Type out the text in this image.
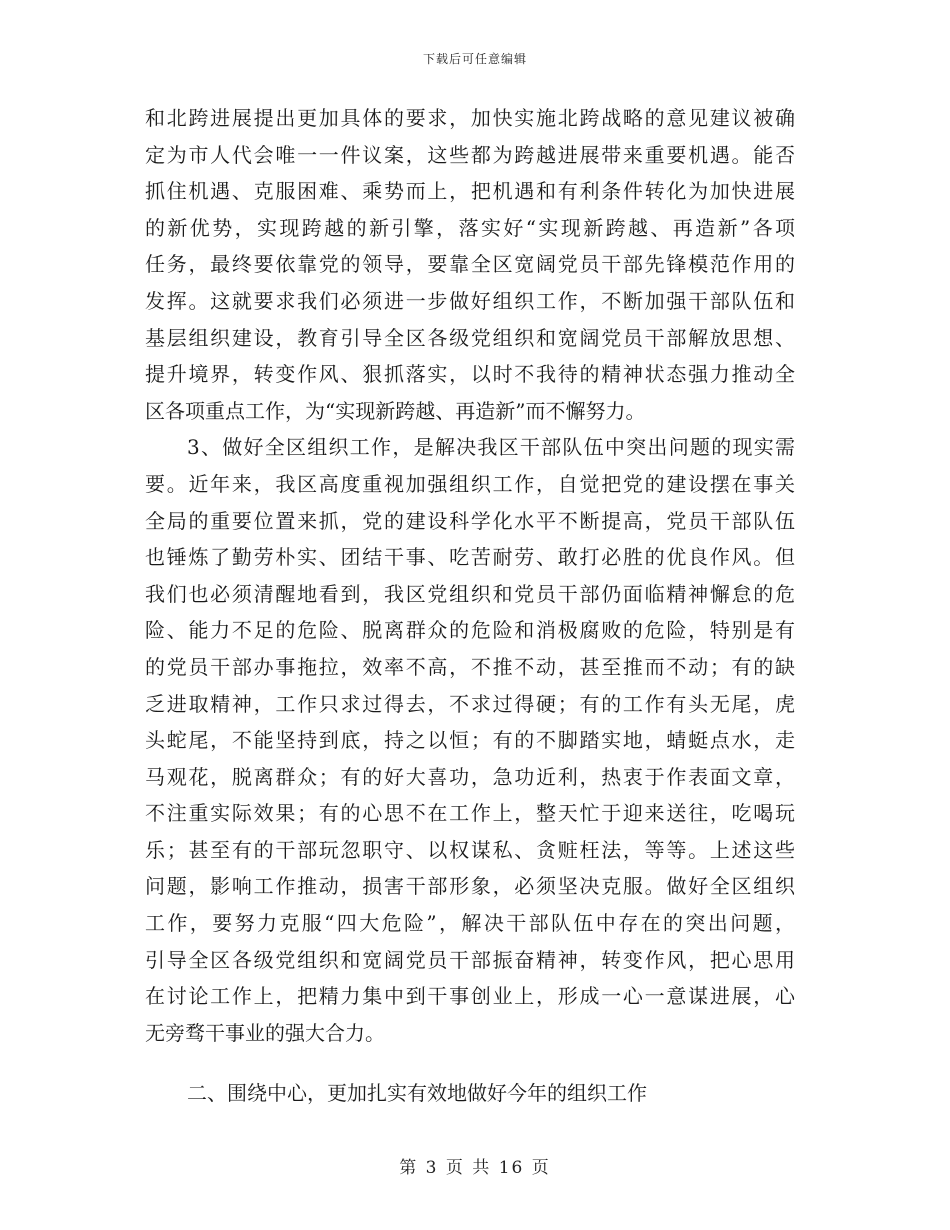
下载后可任意编辑
和北跨进展提出更加具体的要求，加快实施北跨战略的意见建议被确
定为市人代会唯一一件议案，这些都为跨越进展带来重要机遇。能否
抓住机遇、克服困难、乘势而上，把机遇和有利条件转化为加快进展
的新优势，实现跨越的新引擎，落实好“实现新跨越、再造新”各项
任务，最终要依靠党的领导，要靠全区宽阔党员干部先锋模范作用的
发挥。这就要求我们必须进一步做好组织工作，不断加强干部队伍和
基层组织建设，教育引导全区各级党组织和宽阔党员干部解放思想、
提升境界，转变作风、狠抓落实，以时不我待的精神状态强力推动全
区各项重点工作，为“实现新跨越、再造新”而不懈努力。
3、做好全区组织工作，是解决我区干部队伍中突出问题的现实需
要。近年来，我区高度重视加强组织工作，自觉把党的建设摆在事关
全局的重要位置来抓，党的建设科学化水平不断提高，党员干部队伍
也锤炼了勤劳朴实、团结干事、吃苦耐劳、敢打必胜的优良作风。但
我们也必须清醒地看到，我区党组织和党员干部仍面临精神懈怠的危
险、能力不足的危险、脱离群众的危险和消极腐败的危险，特别是有
的党员干部办事拖拉，效率不高，不推不动，甚至推而不动；有的缺
乏进取精神，工作只求过得去，不求过得硬；有的工作有头无尾，虎
头蛇尾，不能坚持到底，持之以恒；有的不脚踏实地，蜻蜓点水，走
马观花，脱离群众；有的好大喜功，急功近利，热衷于作表面文章，
不注重实际效果；有的心思不在工作上，整天忙于迎来送往，吃喝玩
乐；甚至有的干部玩忽职守、以权谋私、贪赃枉法，等等。上述这些
问题，影响工作推动，损害干部形象，必须坚决克服。做好全区组织
工作，要努力克服“四大危险”，解决干部队伍中存在的突出问题，
引导全区各级党组织和宽阔党员干部振奋精神，转变作风，把心思用
在讨论工作上，把精力集中到干事创业上，形成一心一意谋进展，心
无旁骛干事业的强大合力。
二、围绕中心，更加扎实有效地做好今年的组织工作
第 3 页 共 16 页
